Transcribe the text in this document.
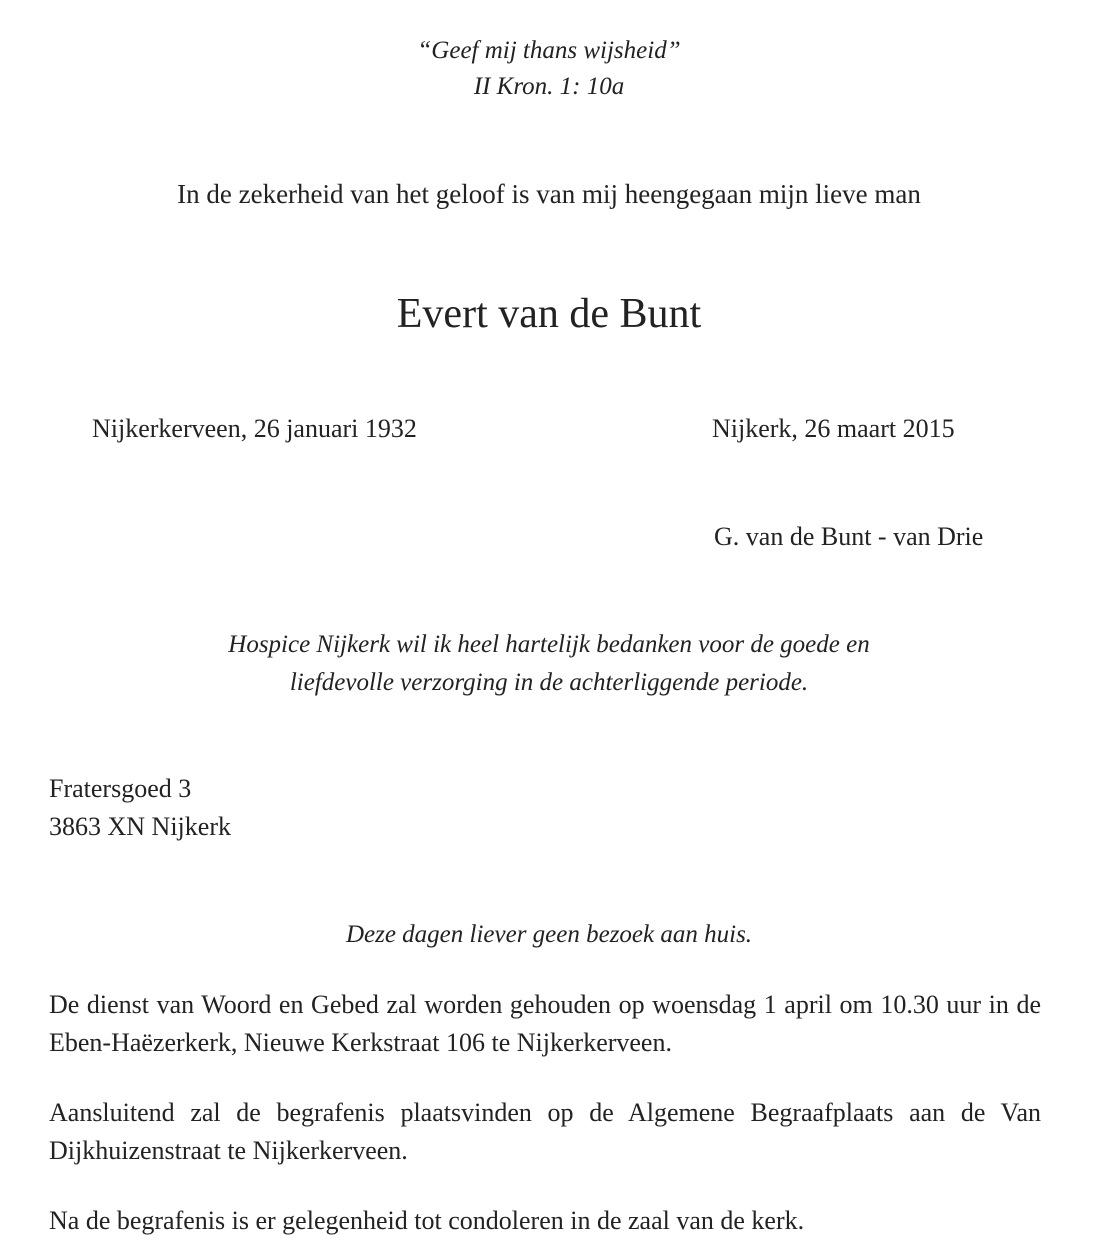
“Geef mij thans wijsheid”

II Kron. 1: 10a

In de zekerheid van het geloof is van mij heengegaan mijn lieve man

Evert van de Bunt

Nijkerkerveen, 26 januari 1932	Nijkerk, 26 maart 2015

G. van de Bunt - van Drie

Hospice Nijkerk wil ik heel hartelijk bedanken voor de goede en

liefdevolle verzorging in de achterliggende periode.

Fratersgoed 3

3863 XN Nijkerk

Deze dagen liever geen bezoek aan huis.

De dienst van Woord en Gebed zal worden gehouden op woensdag 1 april om 10.30 uur in de Eben-Haëzerkerk, Nieuwe Kerkstraat 106 te Nijkerkerveen.

Aansluitend zal de begrafenis plaatsvinden op de Algemene Begraafplaats aan de Van Dijkhuizenstraat te Nijkerkerveen.

Na de begrafenis is er gelegenheid tot condoleren in de zaal van de kerk.
